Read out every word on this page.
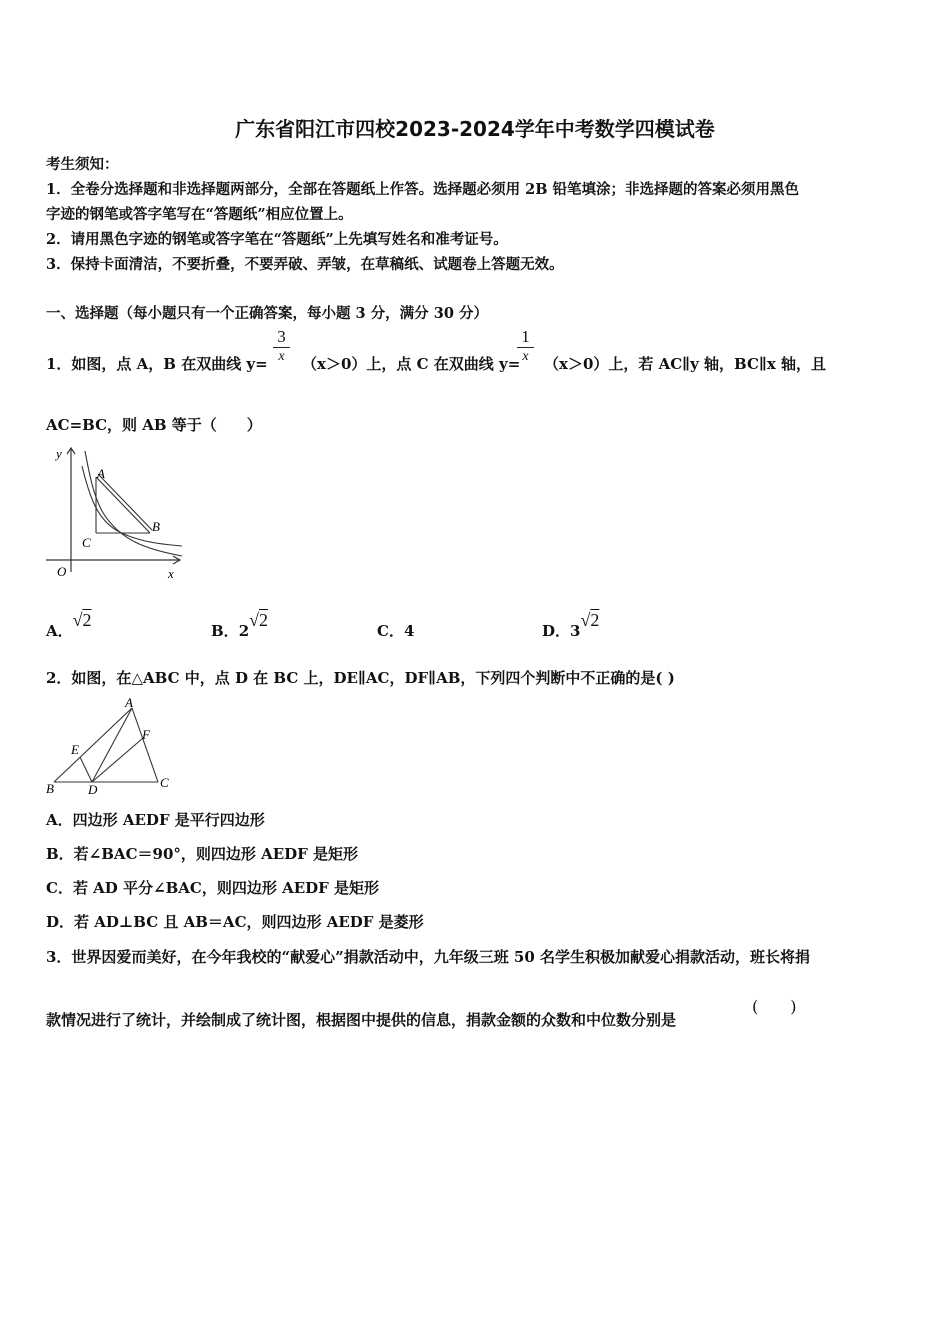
广东省阳江市四校2023-2024学年中考数学四模试卷
考生须知：
1．全卷分选择题和非选择题两部分，全部在答题纸上作答。选择题必须用 2B 铅笔填涂；非选择题的答案必须用黑色
字迹的钢笔或答字笔写在“答题纸”相应位置上。
2．请用黑色字迹的钢笔或答字笔在“答题纸”上先填写姓名和准考证号。
3．保持卡面清洁，不要折叠，不要弄破、弄皱，在草稿纸、试题卷上答题无效。
一、选择题（每小题只有一个正确答案，每小题 3 分，满分 30 分）
1．如图，点 A，B 在双曲线 y=
3
x	（x＞0）上，点 C 在双曲线 y=
1
x	（x＞0）上，若 AC∥y 轴，BC∥x 轴，且
AC=BC，则 AB 等于（　　）
y
x
O
A
B
C
A．√2
B．2√2
C．4	D．3√2
2．如图，在△ABC 中，点 D 在 BC 上，DE∥AC，DF∥AB，下列四个判断中不正确的是( )
A
B	C
D
E
F
A．四边形 AEDF 是平行四边形
B．若∠BAC＝90°，则四边形 AEDF 是矩形
C．若 AD 平分∠BAC，则四边形 AEDF 是矩形
D．若 AD⊥BC 且 AB＝AC，则四边形 AEDF 是菱形
3．世界因爱而美好，在今年我校的“献爱心”捐款活动中，九年级三班 50 名学生积极加献爱心捐款活动，班长将捐
款情况进行了统计，并绘制成了统计图，根据图中提供的信息，捐款金额的众数和中位数分别是
(　　)
